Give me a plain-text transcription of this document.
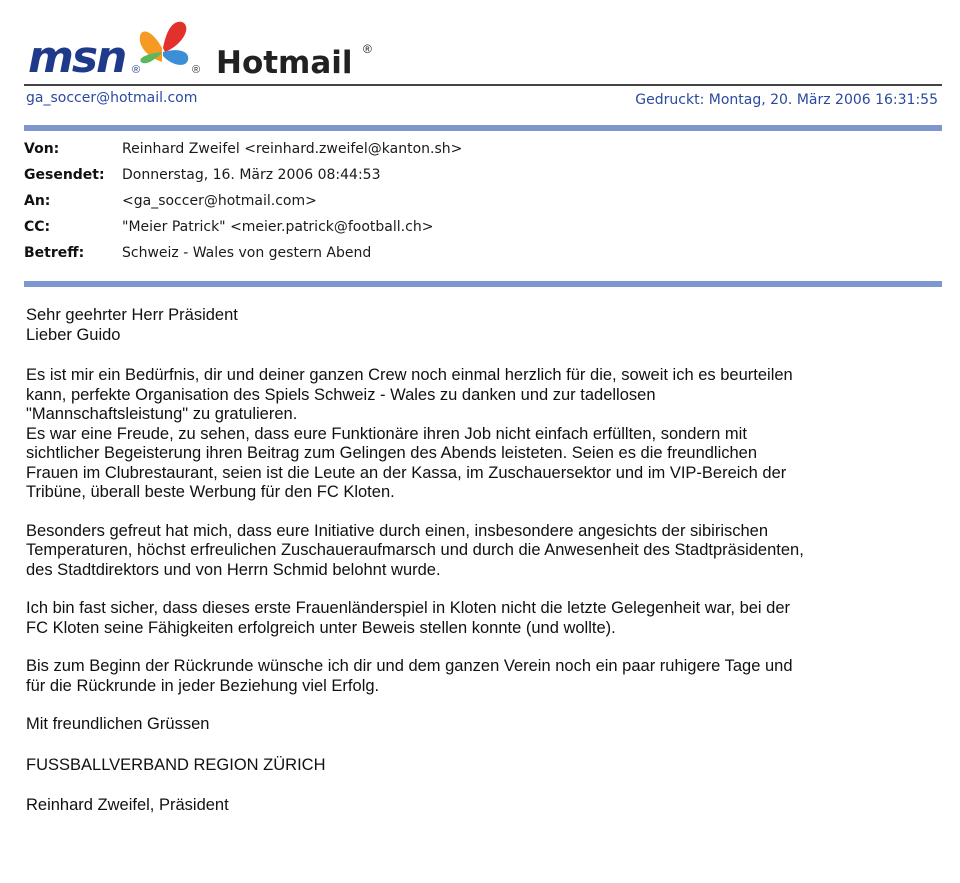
msn ®	® Hotmail ®
ga_soccer@hotmail.com	Gedruckt: Montag, 20. März 2006 16:31:55
Von:	Reinhard Zweifel <reinhard.zweifel@kanton.sh>
Gesendet:	Donnerstag, 16. März 2006 08:44:53
An:	<ga_soccer@hotmail.com>
CC:	"Meier Patrick" <meier.patrick@football.ch>
Betreff:	Schweiz - Wales von gestern Abend

Sehr geehrter Herr Präsident

Lieber Guido

Es ist mir ein Bedürfnis, dir und deiner ganzen Crew noch einmal herzlich für die, soweit ich es beurteilen

kann, perfekte Organisation des Spiels Schweiz - Wales zu danken und zur tadellosen

"Mannschaftsleistung" zu gratulieren.

Es war eine Freude, zu sehen, dass eure Funktionäre ihren Job nicht einfach erfüllten, sondern mit

sichtlicher Begeisterung ihren Beitrag zum Gelingen des Abends leisteten. Seien es die freundlichen

Frauen im Clubrestaurant, seien ist die Leute an der Kassa, im Zuschauersektor und im VIP-Bereich der

Tribüne, überall beste Werbung für den FC Kloten.

Besonders gefreut hat mich, dass eure Initiative durch einen, insbesondere angesichts der sibirischen

Temperaturen, höchst erfreulichen Zuschaueraufmarsch und durch die Anwesenheit des Stadtpräsidenten,

des Stadtdirektors und von Herrn Schmid belohnt wurde.

Ich bin fast sicher, dass dieses erste Frauenländerspiel in Kloten nicht die letzte Gelegenheit war, bei der

FC Kloten seine Fähigkeiten erfolgreich unter Beweis stellen konnte (und wollte).

Bis zum Beginn der Rückrunde wünsche ich dir und dem ganzen Verein noch ein paar ruhigere Tage und

für die Rückrunde in jeder Beziehung viel Erfolg.

Mit freundlichen Grüssen

FUSSBALLVERBAND REGION ZÜRICH

Reinhard Zweifel, Präsident
